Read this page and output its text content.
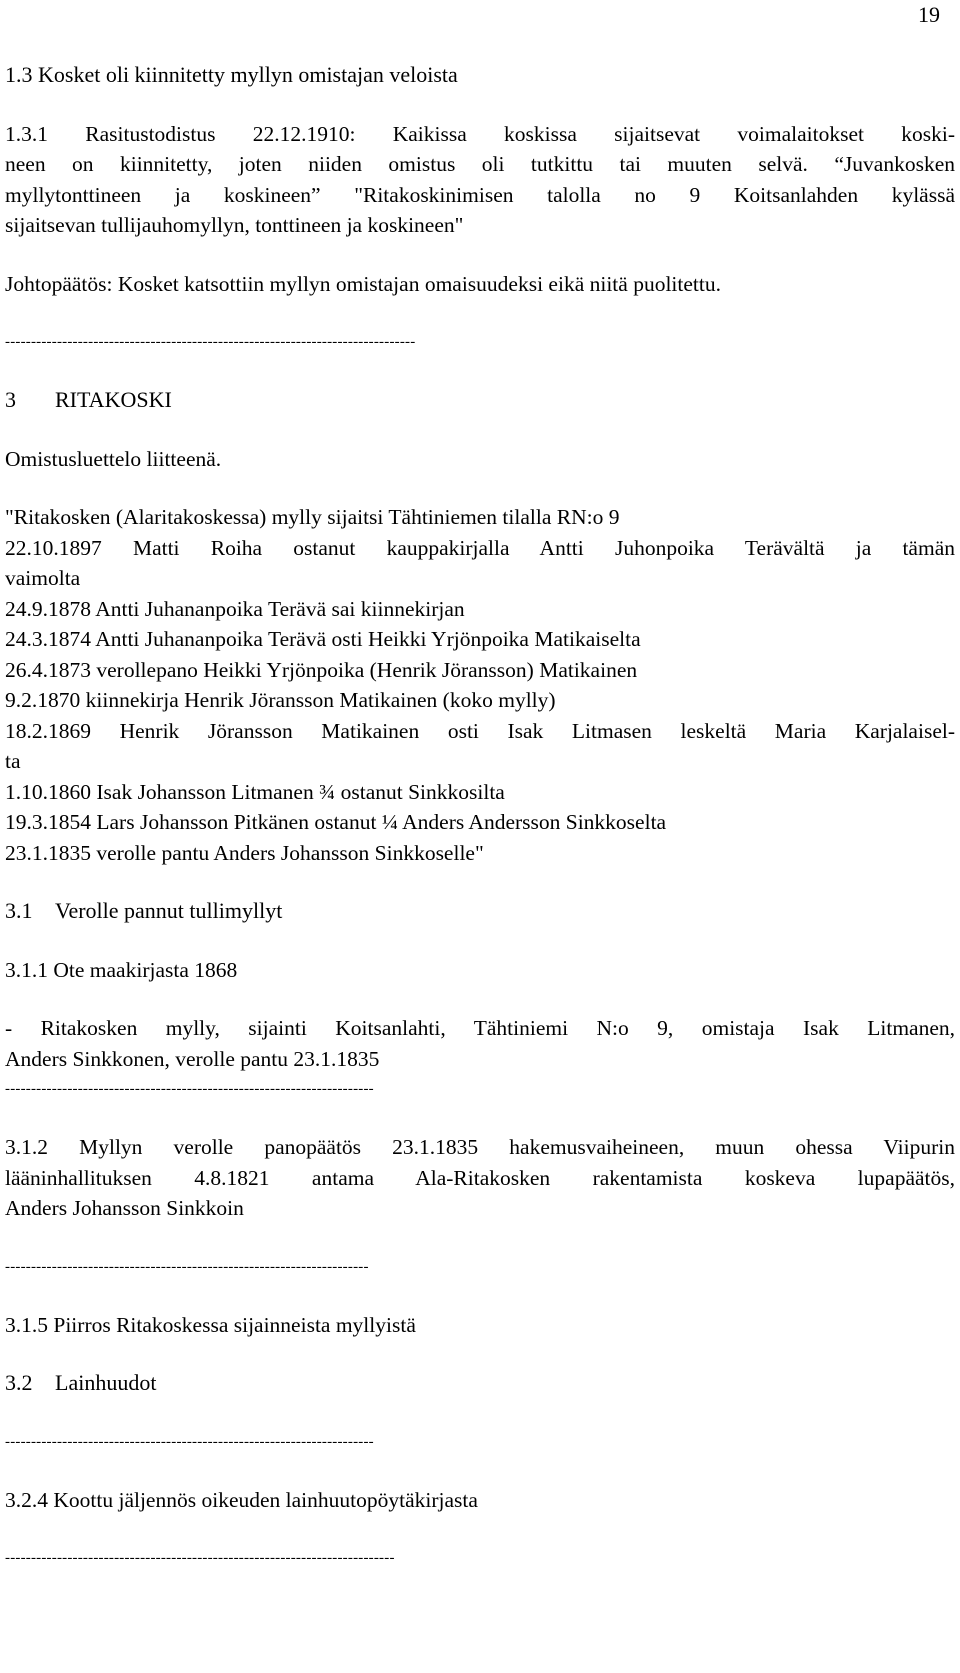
19
1.3 Kosket oli kiinnitetty myllyn omistajan veloista
1.3.1 Rasitustodistus 22.12.1910: Kaikissa koskissa sijaitsevat voimalaitokset koski-
neen on kiinnitetty, joten niiden omistus oli tutkittu tai muuten selvä. “Juvankosken
myllytonttineen ja koskineen” "Ritakoskinimisen talolla no 9 Koitsanlahden kylässä
sijaitsevan tullijauhomyllyn, tonttineen ja koskineen"
Johtopäätös: Kosket katsottiin myllyn omistajan omaisuudeksi eikä niitä puolitettu.
-------------------------------------------------------------------------------
3 RITAKOSKI
Omistusluettelo liitteenä.
"Ritakosken (Alaritakoskessa) mylly sijaitsi Tähtiniemen tilalla RN:o 9
22.10.1897 Matti Roiha ostanut kauppakirjalla Antti Juhonpoika Terävältä ja tämän
vaimolta
24.9.1878 Antti Juhananpoika Terävä sai kiinnekirjan
24.3.1874 Antti Juhananpoika Terävä osti Heikki Yrjönpoika Matikaiselta
26.4.1873 verollepano Heikki Yrjönpoika (Henrik Jöransson) Matikainen
9.2.1870 kiinnekirja Henrik Jöransson Matikainen (koko mylly)
18.2.1869 Henrik Jöransson Matikainen osti Isak Litmasen leskeltä Maria Karjalaisel-
ta
1.10.1860 Isak Johansson Litmanen ¾ ostanut Sinkkosilta
19.3.1854 Lars Johansson Pitkänen ostanut ¼ Anders Andersson Sinkkoselta
23.1.1835 verolle pantu Anders Johansson Sinkkoselle"
3.1 Verolle pannut tullimyllyt
3.1.1 Ote maakirjasta 1868
- Ritakosken mylly, sijainti Koitsanlahti, Tähtiniemi N:o 9, omistaja Isak Litmanen,
Anders Sinkkonen, verolle pantu 23.1.1835
-----------------------------------------------------------------------
3.1.2 Myllyn verolle panopäätös 23.1.1835 hakemusvaiheineen, muun ohessa Viipurin
lääninhallituksen 4.8.1821 antama Ala-Ritakosken rakentamista koskeva lupapäätös,
Anders Johansson Sinkkoin
----------------------------------------------------------------------
3.1.5 Piirros Ritakoskessa sijainneista myllyistä
3.2 Lainhuudot
-----------------------------------------------------------------------
3.2.4 Koottu jäljennös oikeuden lainhuutopöytäkirjasta
---------------------------------------------------------------------------
